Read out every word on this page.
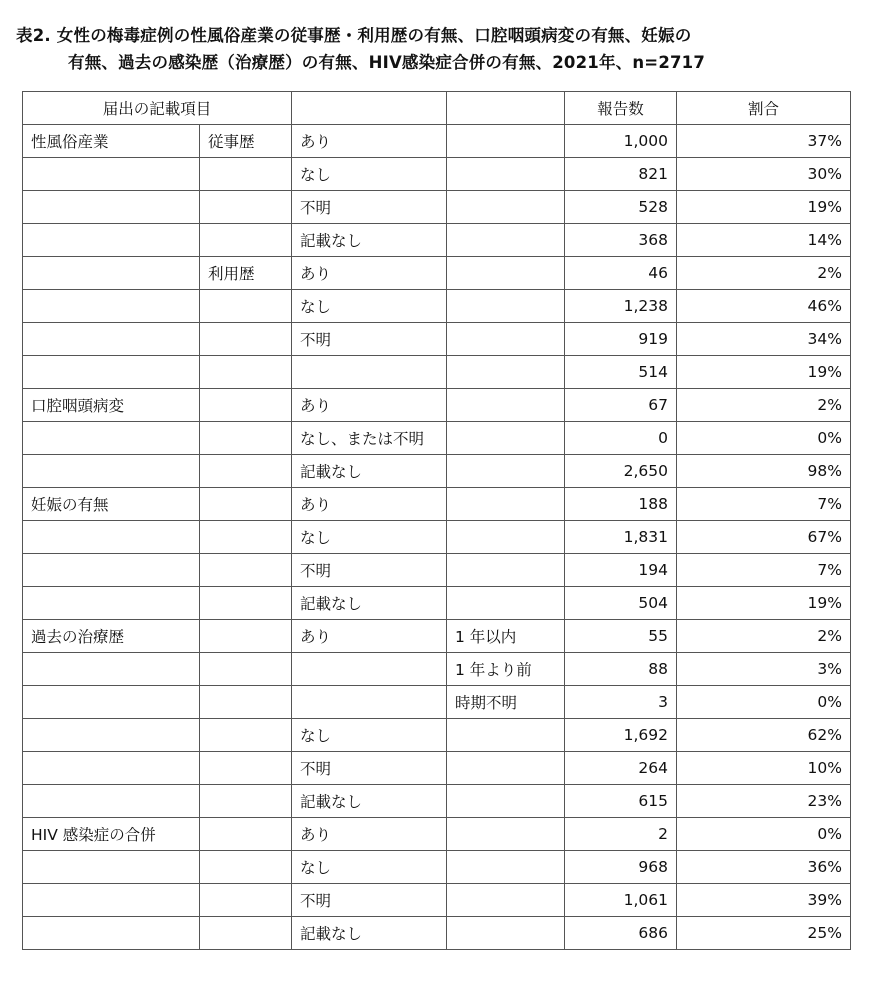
表2. 女性の梅毒症例の性風俗産業の従事歴・利用歴の有無、口腔咽頭病変の有無、妊娠の
有無、過去の感染歴（治療歴）の有無、HIV感染症合併の有無、2021年、n=2717
届出の記載項目				報告数	割合
性風俗産業	従事歴	あり		1,000	37%
		なし		821	30%
		不明		528	19%
		記載なし		368	14%
	利用歴	あり		46	2%
		なし		1,238	46%
		不明		919	34%
				514	19%
口腔咽頭病変		あり		67	2%
		なし、または不明		0	0%
		記載なし		2,650	98%
妊娠の有無		あり		188	7%
		なし		1,831	67%
		不明		194	7%
		記載なし		504	19%
過去の治療歴		あり	1 年以内	55	2%
			1 年より前	88	3%
			時期不明	3	0%
		なし		1,692	62%
		不明		264	10%
		記載なし		615	23%
HIV 感染症の合併		あり		2	0%
		なし		968	36%
		不明		1,061	39%
		記載なし		686	25%
